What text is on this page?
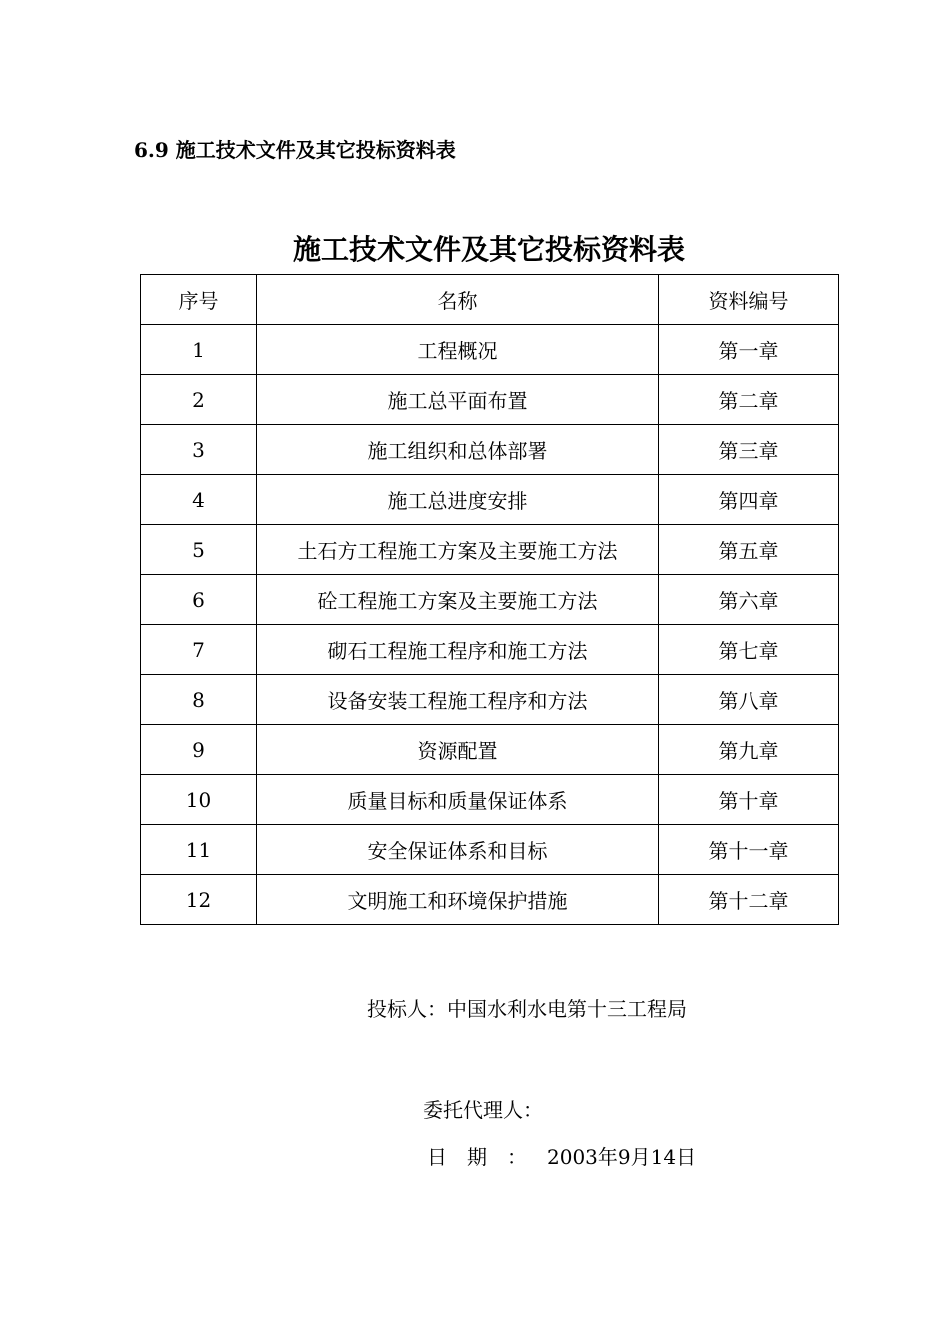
6.9 施工技术文件及其它投标资料表
施工技术文件及其它投标资料表
序号	名称	资料编号
1	工程概况	第一章
2	施工总平面布置	第二章
3	施工组织和总体部署	第三章
4	施工总进度安排	第四章
5	土石方工程施工方案及主要施工方法	第五章
6	砼工程施工方案及主要施工方法	第六章
7	砌石工程施工程序和施工方法	第七章
8	设备安装工程施工程序和方法	第八章
9	资源配置	第九章
10	质量目标和质量保证体系	第十章
11	安全保证体系和目标	第十一章
12	文明施工和环境保护措施	第十二章
投标人：中国水利水电第十三工程局
委托代理人：
日期：2003年9月14日
